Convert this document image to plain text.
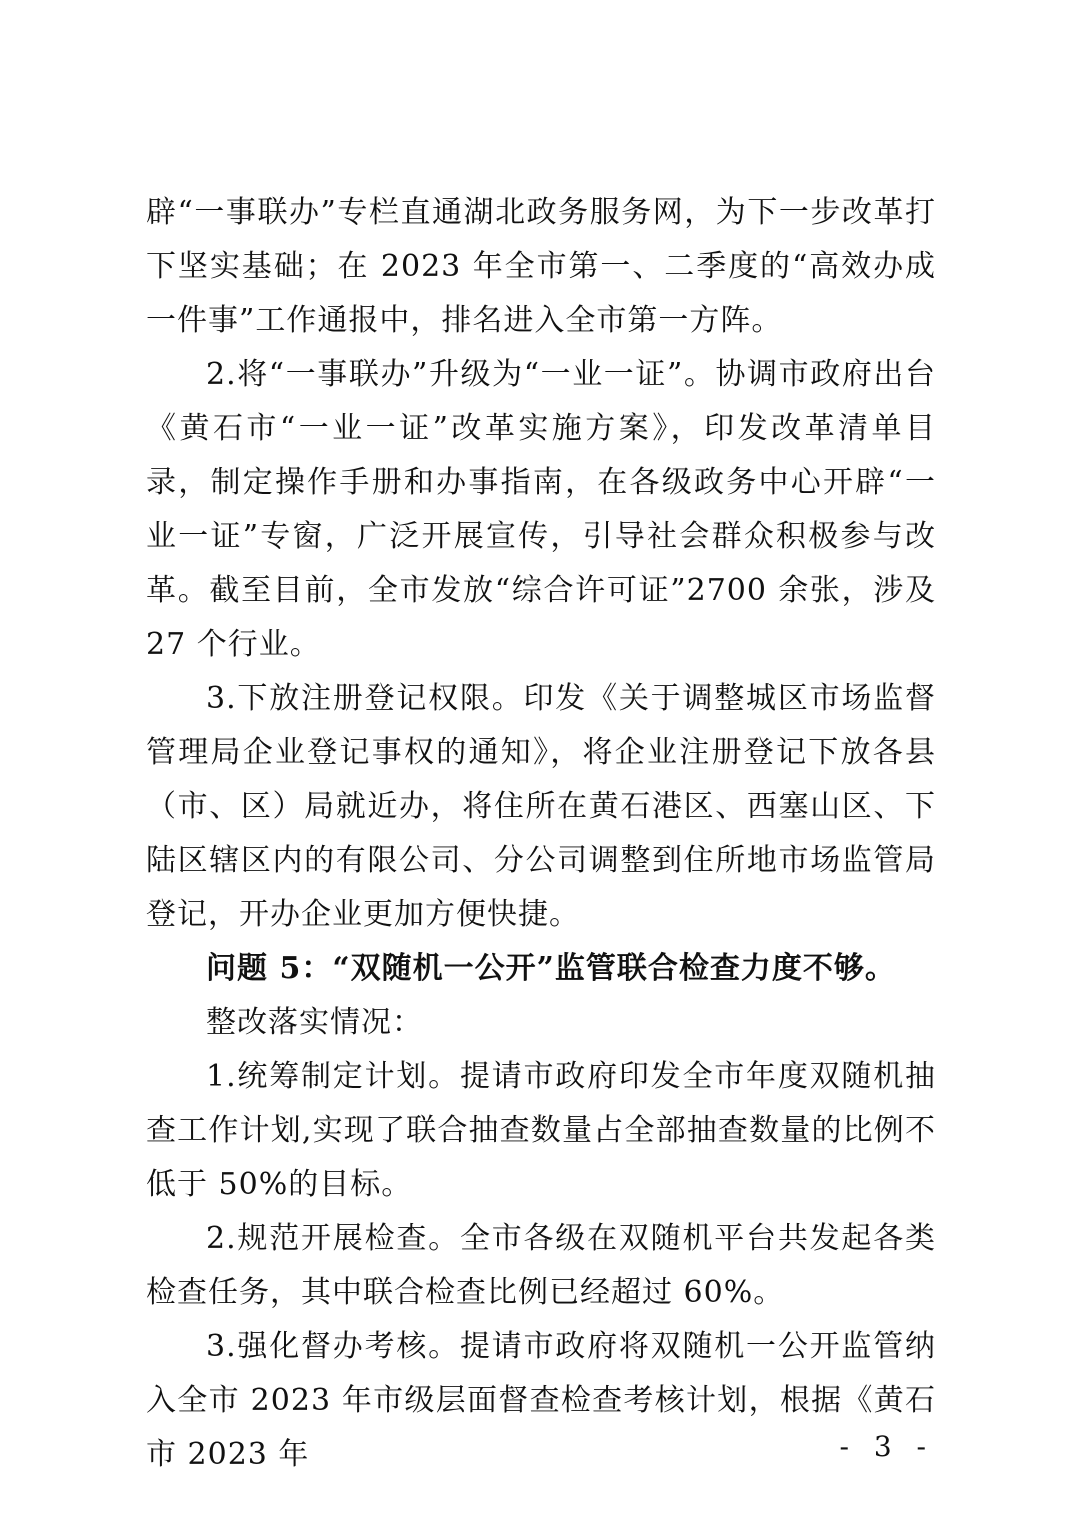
辟“一事联办”专栏直通湖北政务服务网，为下一步改革打下坚实基础；在 2023 年全市第一、二季度的“高效办成一件事”工作通报中，排名进入全市第一方阵。

2.将“一事联办”升级为“一业一证”。协调市政府出台《黄石市“一业一证”改革实施方案》，印发改革清单目录，制定操作手册和办事指南，在各级政务中心开辟“一业一证”专窗，广泛开展宣传，引导社会群众积极参与改革。截至目前，全市发放“综合许可证”2700 余张，涉及 27 个行业。

3.下放注册登记权限。印发《关于调整城区市场监督管理局企业登记事权的通知》，将企业注册登记下放各县（市、区）局就近办，将住所在黄石港区、西塞山区、下陆区辖区内的有限公司、分公司调整到住所地市场监管局登记，开办企业更加方便快捷。

问题 5：“双随机一公开”监管联合检查力度不够。

整改落实情况：

1.统筹制定计划。提请市政府印发全市年度双随机抽查工作计划,实现了联合抽查数量占全部抽查数量的比例不低于 50%的目标。

2.规范开展检查。全市各级在双随机平台共发起各类检查任务，其中联合检查比例已经超过 60%。

3.强化督办考核。提请市政府将双随机一公开监管纳入全市 2023 年市级层面督查检查考核计划，根据《黄石市 2023 年	- 3 -
